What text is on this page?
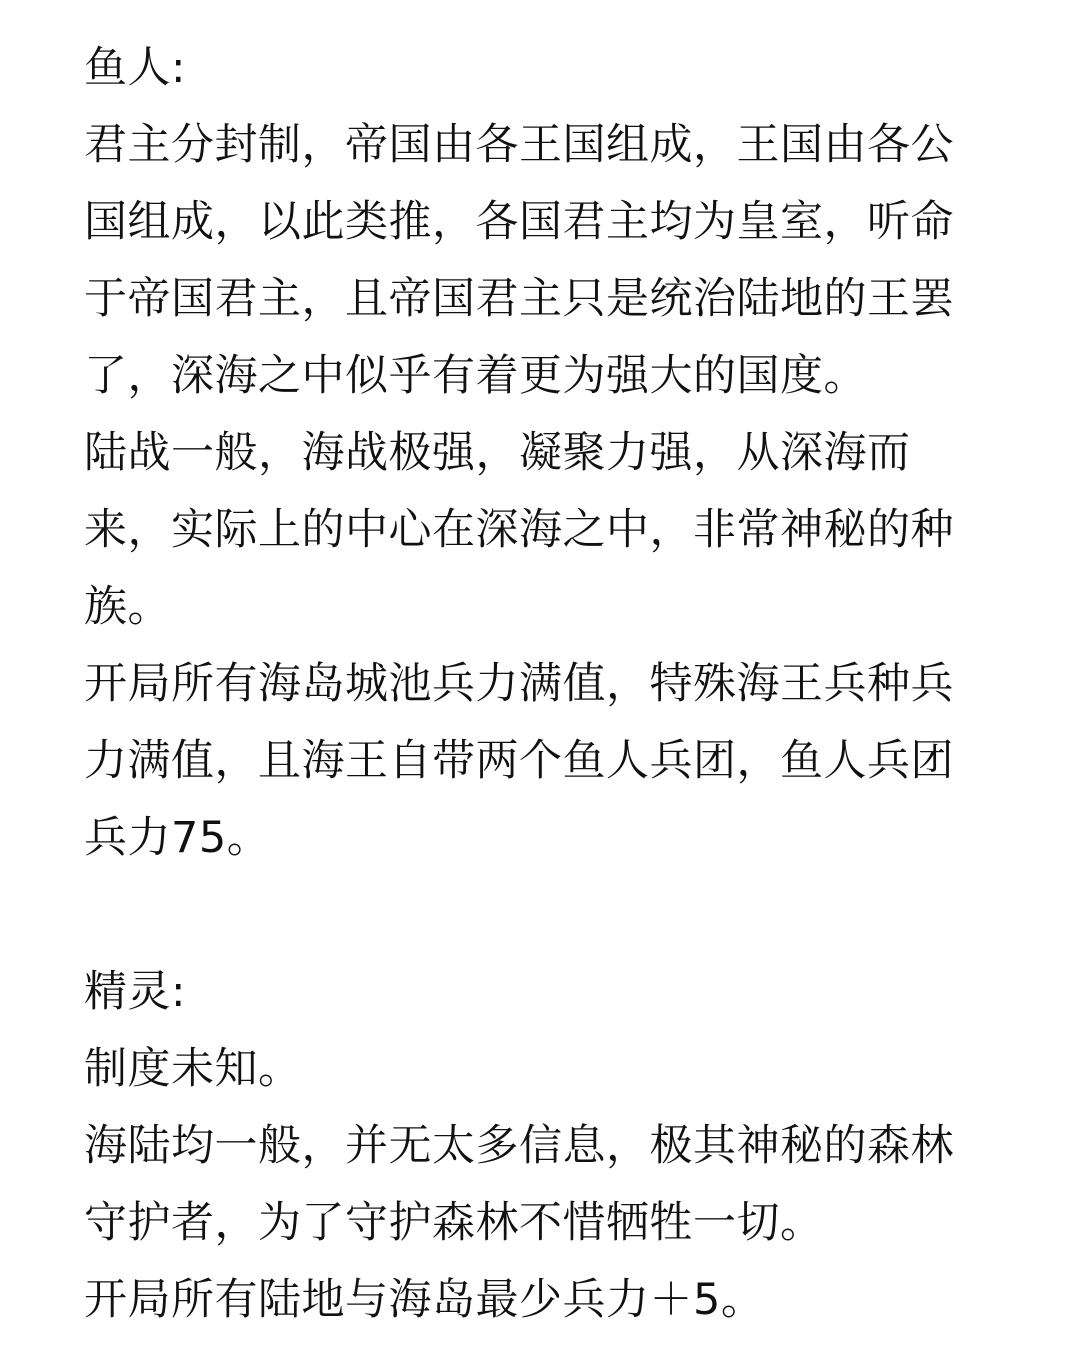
鱼人:
君主分封制，帝国由各王国组成，王国由各公
国组成，以此类推，各国君主均为皇室，听命
于帝国君主，且帝国君主只是统治陆地的王罢
了，深海之中似乎有着更为强大的国度。
陆战一般，海战极强，凝聚力强，从深海而
来，实际上的中心在深海之中，非常神秘的种
族。
开局所有海岛城池兵力满值，特殊海王兵种兵
力满值，且海王自带两个鱼人兵团，鱼人兵团
兵力75。
精灵:
制度未知。
海陆均一般，并无太多信息，极其神秘的森林
守护者，为了守护森林不惜牺牲一切。
开局所有陆地与海岛最少兵力＋5。
